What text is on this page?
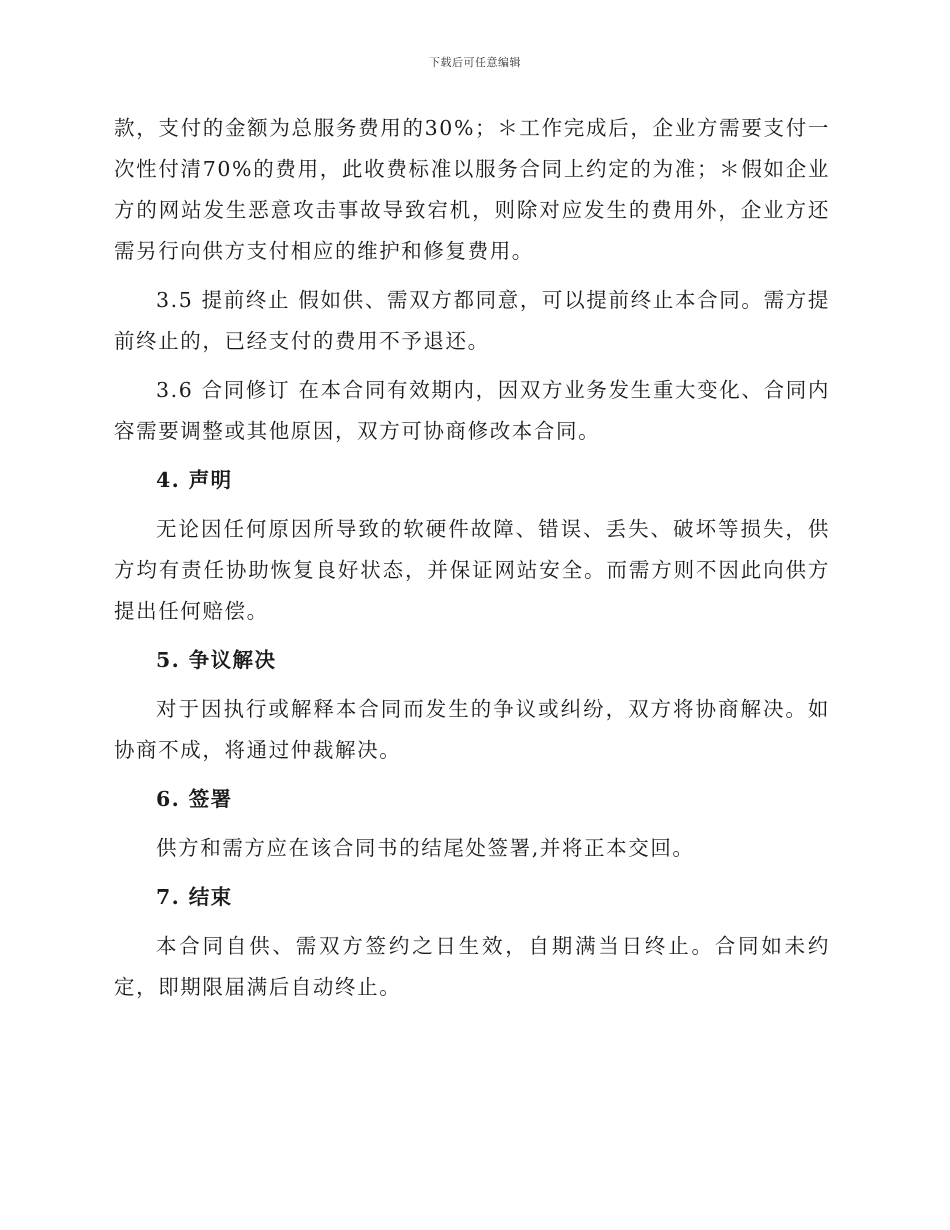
下载后可任意编辑

款，支付的金额为总服务费用的30%；＊工作完成后，企业方需要支付一次性付清70%的费用，此收费标准以服务合同上约定的为准；＊假如企业方的网站发生恶意攻击事故导致宕机，则除对应发生的费用外，企业方还需另行向供方支付相应的维护和修复费用。

3.5 提前终止 假如供、需双方都同意，可以提前终止本合同。需方提前终止的，已经支付的费用不予退还。

3.6 合同修订 在本合同有效期内，因双方业务发生重大变化、合同内容需要调整或其他原因，双方可协商修改本合同。

4. 声明

无论因任何原因所导致的软硬件故障、错误、丢失、破坏等损失，供方均有责任协助恢复良好状态，并保证网站安全。而需方则不因此向供方提出任何赔偿。

5. 争议解决

对于因执行或解释本合同而发生的争议或纠纷，双方将协商解决。如协商不成，将通过仲裁解决。

6. 签署

供方和需方应在该合同书的结尾处签署,并将正本交回。

7. 结束

本合同自供、需双方签约之日生效，自期满当日终止。合同如未约定，即期限届满后自动终止。
